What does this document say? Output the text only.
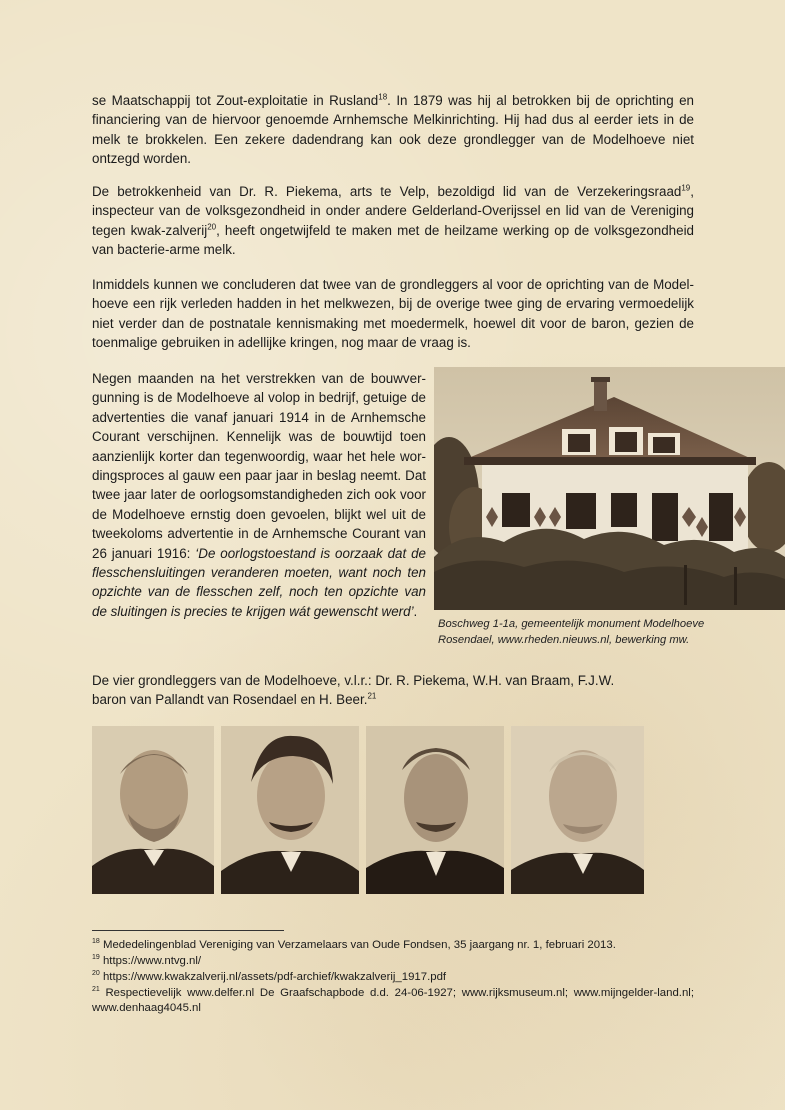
se Maatschappij tot Zout-exploitatie in Rusland$^{18}$. In 1879 was hij al betrokken bij de oprichting en financiering van de hiervoor genoemde Arnhemsche Melkinrichting. Hij had dus al eerder iets in de melk te brokkelen. Een zekere dadendrang kan ook deze grondlegger van de Modelhoeve niet ontzegd worden.

De betrokkenheid van Dr. R. Piekema, arts te Velp, bezoldigd lid van de Verzekeringsraad$^{19}$, inspecteur van de volksgezondheid in onder andere Gelderland-Overijssel en lid van de Vereniging tegen kwak-zalverij$^{20}$, heeft ongetwijfeld te maken met de heilzame werking op de volksgezondheid van bacterie-arme melk.

Inmiddels kunnen we concluderen dat twee van de grondleggers al voor de oprichting van de Model-hoeve een rijk verleden hadden in het melkwezen, bij de overige twee ging de ervaring vermoedelijk niet verder dan de postnatale kennismaking met moedermelk, hoewel dit voor de baron, gezien de toenmalige gebruiken in adellijke kringen, nog maar de vraag is.

Negen maanden na het verstrekken van de bouwver-gunning is de Modelhoeve al volop in bedrijf, getuige de advertenties die vanaf januari 1914 in de Arnhemsche Courant verschijnen. Kennelijk was de bouwtijd toen aanzienlijk korter dan tegenwoordig, waar het hele wor-dingsproces al gauw een paar jaar in beslag neemt. Dat twee jaar later de oorlogsomstandigheden zich ook voor de Modelhoeve ernstig doen gevoelen, blijkt wel uit de tweekoloms advertentie in de Arnhemsche Courant van 26 januari 1916: ‘De oorlogstoestand is oorzaak dat de flesschensluitingen veranderen moeten, want noch ten opzichte van de flesschen zelf, noch ten opzichte van de sluitingen is precies te krijgen wát gewenscht werd’.

Boschweg 1-1a, gemeentelijk monument Modelhoeve Rosendael, www.rheden.nieuws.nl, bewerking mw.

De vier grondleggers van de Modelhoeve, v.l.r.: Dr. R. Piekema, W.H. van Braam, F.J.W. baron van Pallandt van Rosendael en H. Beer.$^{21}$

$^{18}$ Mededelingenblad Vereniging van Verzamelaars van Oude Fondsen, 35 jaargang nr. 1, februari 2013.

$^{19}$ https://www.ntvg.nl/

$^{20}$ https://www.kwakzalverij.nl/assets/pdf-archief/kwakzalverij_1917.pdf

$^{21}$ Respectievelijk www.delfer.nl De Graafschapbode d.d. 24-06-1927; www.rijksmuseum.nl; www.mijngelder-land.nl; www.denhaag4045.nl
